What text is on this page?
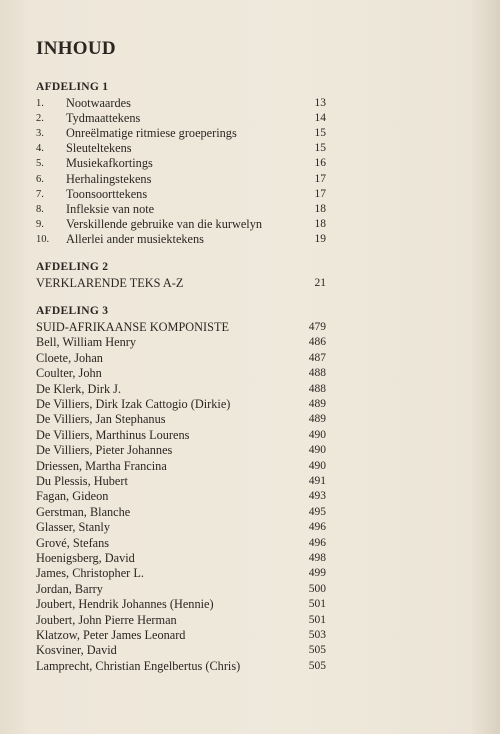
INHOUD
AFDELING 1
1.	Nootwaardes	13
2.	Tydmaattekens	14
3.	Onreëlmatige ritmiese groeperings	15
4.	Sleuteltekens	15
5.	Musiekafkortings	16
6.	Herhalingstekens	17
7.	Toonsoorttekens	17
8.	Infleksie van note	18
9.	Verskillende gebruike van die kurwelyn	18
10.	Allerlei ander musiektekens	19
AFDELING 2
VERKLARENDE TEKS A-Z	21
AFDELING 3
SUID-AFRIKAANSE KOMPONISTE	479
Bell, William Henry	486
Cloete, Johan	487
Coulter, John	488
De Klerk, Dirk J.	488
De Villiers, Dirk Izak Cattogio (Dirkie)	489
De Villiers, Jan Stephanus	489
De Villiers, Marthinus Lourens	490
De Villiers, Pieter Johannes	490
Driessen, Martha Francina	490
Du Plessis, Hubert	491
Fagan, Gideon	493
Gerstman, Blanche	495
Glasser, Stanly	496
Grové, Stefans	496
Hoenigsberg, David	498
James, Christopher L.	499
Jordan, Barry	500
Joubert, Hendrik Johannes (Hennie)	501
Joubert, John Pierre Herman	501
Klatzow, Peter James Leonard	503
Kosviner, David	505
Lamprecht, Christian Engelbertus (Chris)	505
